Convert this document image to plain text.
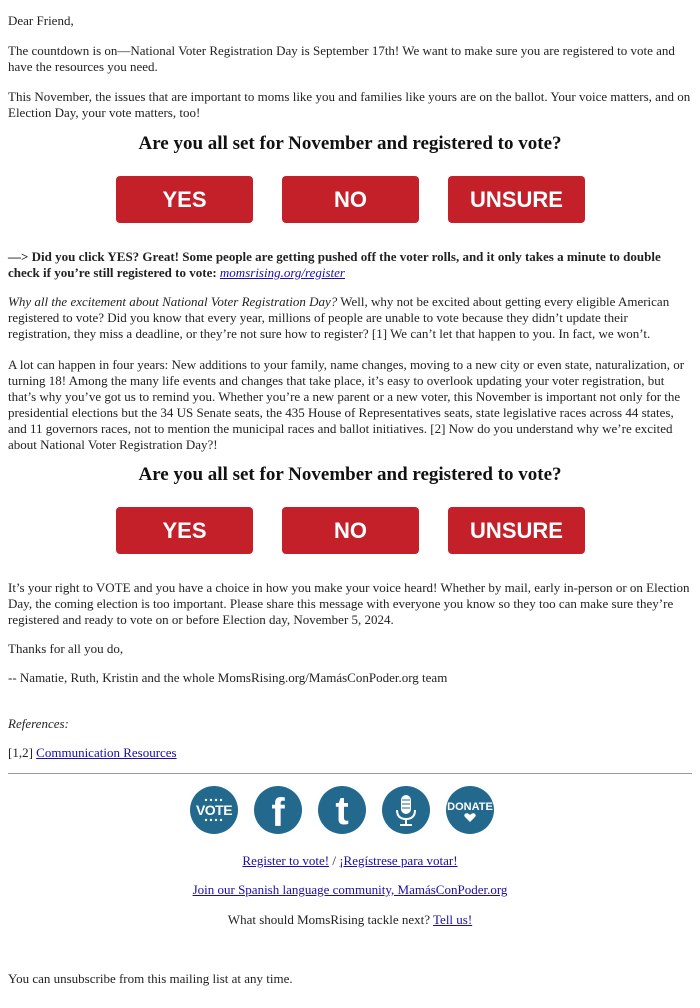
Dear Friend,

The countdown is on—National Voter Registration Day is September 17th! We want to make sure you are registered to vote and have the resources you need.

This November, the issues that are important to moms like you and families like yours are on the ballot. Your voice matters, and on Election Day, your vote matters, too!

Are you all set for November and registered to vote?
YES	NO	UNSURE

—> Did you click YES? Great! Some people are getting pushed off the voter rolls, and it only takes a minute to double check if you’re still registered to vote: momsrising.org/register

Why all the excitement about National Voter Registration Day? Well, why not be excited about getting every eligible American registered to vote? Did you know that every year, millions of people are unable to vote because they didn’t update their registration, they miss a deadline, or they’re not sure how to register? [1] We can’t let that happen to you. In fact, we won’t.

A lot can happen in four years: New additions to your family, name changes, moving to a new city or even state, naturalization, or turning 18! Among the many life events and changes that take place, it’s easy to overlook updating your voter registration, but that’s why you’ve got us to remind you. Whether you’re a new parent or a new voter, this November is important not only for the presidential elections but the 34 US Senate seats, the 435 House of Representatives seats, state legislative races across 44 states, and 11 governors races, not to mention the municipal races and ballot initiatives. [2] Now do you understand why we’re excited about National Voter Registration Day?!

Are you all set for November and registered to vote?
YES	NO	UNSURE

It’s your right to VOTE and you have a choice in how you make your voice heard! Whether by mail, early in-person or on Election Day, the coming election is too important. Please share this message with everyone you know so they too can make sure they’re registered and ready to vote on or before Election day, November 5, 2024.

Thanks for all you do,

-- Namatie, Ruth, Kristin and the whole MomsRising.org/MamásConPoder.org team

References:

[1,2] Communication Resources

VOTE f	t	DONATE

Register to vote! / ¡Regístrese para votar!

Join our Spanish language community, MamásConPoder.org

What should MomsRising tackle next? Tell us!

You can unsubscribe from this mailing list at any time.
